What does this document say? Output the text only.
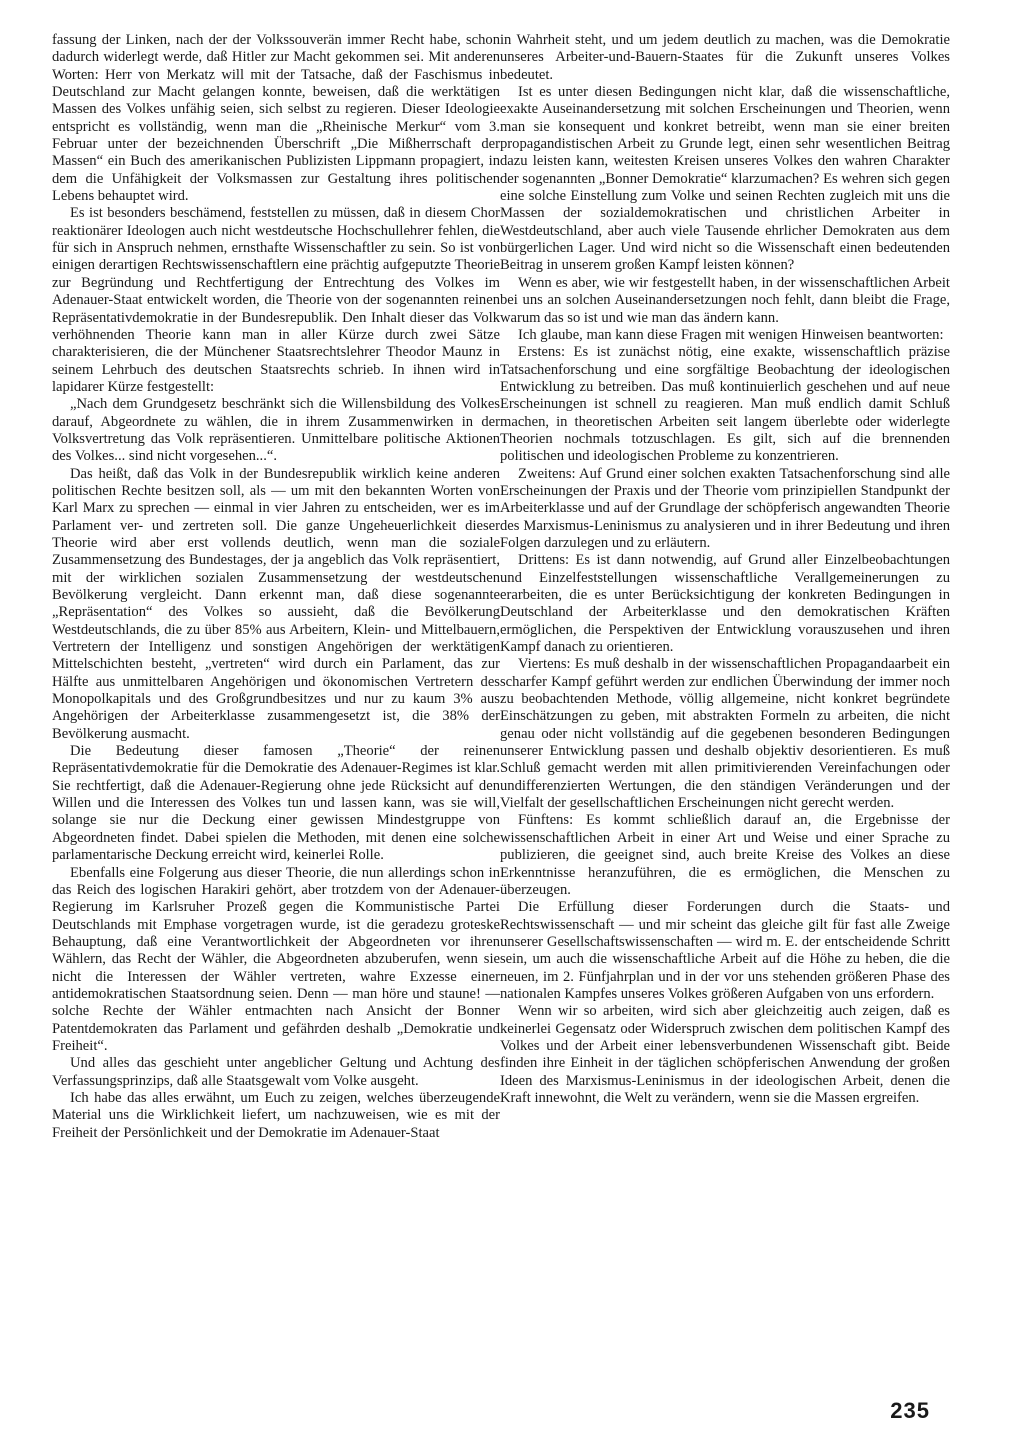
fassung der Linken, nach der der Volkssouverän immer Recht habe, schon dadurch widerlegt werde, daß Hitler zur Macht gekommen sei. Mit anderen Worten: Herr von Merkatz will mit der Tatsache, daß der Faschismus in Deutschland zur Macht gelangen konnte, beweisen, daß die werktätigen Massen des Volkes unfähig seien, sich selbst zu regieren. Dieser Ideologie entspricht es vollständig, wenn man die „Rheinische Merkur“ vom 3. Februar unter der bezeichnenden Überschrift „Die Mißherrschaft der Massen“ ein Buch des amerikanischen Publizisten Lippmann propagiert, in dem die Unfähigkeit der Volksmassen zur Gestaltung ihres politischen Lebens behauptet wird.

Es ist besonders beschämend, feststellen zu müssen, daß in diesem Chor reaktionärer Ideologen auch nicht westdeutsche Hochschullehrer fehlen, die für sich in Anspruch nehmen, ernsthafte Wissenschaftler zu sein. So ist von einigen derartigen Rechtswissenschaftlern eine prächtig aufgeputzte Theorie zur Begründung und Rechtfertigung der Entrechtung des Volkes im Adenauer-Staat entwickelt worden, die Theorie von der sogenannten reinen Repräsentativdemokratie in der Bundesrepublik. Den Inhalt dieser das Volk verhöhnenden Theorie kann man in aller Kürze durch zwei Sätze charakterisieren, die der Münchener Staatsrechtslehrer Theodor Maunz in seinem Lehrbuch des deutschen Staatsrechts schrieb. In ihnen wird in lapidarer Kürze festgestellt:

„Nach dem Grundgesetz beschränkt sich die Willensbildung des Volkes darauf, Abgeordnete zu wählen, die in ihrem Zusammenwirken in der Volksvertretung das Volk repräsentieren. Unmittelbare politische Aktionen des Volkes... sind nicht vorgesehen...“.

Das heißt, daß das Volk in der Bundesrepublik wirklich keine anderen politischen Rechte besitzen soll, als — um mit den bekannten Worten von Karl Marx zu sprechen — einmal in vier Jahren zu entscheiden, wer es im Parlament ver- und zertreten soll. Die ganze Ungeheuerlichkeit dieser Theorie wird aber erst vollends deutlich, wenn man die soziale Zusammensetzung des Bundestages, der ja angeblich das Volk repräsentiert, mit der wirklichen sozialen Zusammensetzung der westdeutschen Bevölkerung vergleicht. Dann erkennt man, daß diese sogenannte „Repräsentation“ des Volkes so aussieht, daß die Bevölkerung Westdeutschlands, die zu über 85% aus Arbeitern, Klein- und Mittelbauern, Vertretern der Intelligenz und sonstigen Angehörigen der werktätigen Mittelschichten besteht, „vertreten“ wird durch ein Parlament, das zur Hälfte aus unmittelbaren Angehörigen und ökonomischen Vertretern des Monopolkapitals und des Großgrundbesitzes und nur zu kaum 3% aus Angehörigen der Arbeiterklasse zusammengesetzt ist, die 38% der Bevölkerung ausmacht.

Die Bedeutung dieser famosen „Theorie“ der reinen Repräsentativdemokratie für die Demokratie des Adenauer-Regimes ist klar. Sie rechtfertigt, daß die Adenauer-Regierung ohne jede Rücksicht auf den Willen und die Interessen des Volkes tun und lassen kann, was sie will, solange sie nur die Deckung einer gewissen Mindestgruppe von Abgeordneten findet. Dabei spielen die Methoden, mit denen eine solche parlamentarische Deckung erreicht wird, keinerlei Rolle.

Ebenfalls eine Folgerung aus dieser Theorie, die nun allerdings schon in das Reich des logischen Harakiri gehört, aber trotzdem von der Adenauer-Regierung im Karlsruher Prozeß gegen die Kommunistische Partei Deutschlands mit Emphase vorgetragen wurde, ist die geradezu groteske Behauptung, daß eine Verantwortlichkeit der Abgeordneten vor ihren Wählern, das Recht der Wähler, die Abgeordneten abzuberufen, wenn sie nicht die Interessen der Wähler vertreten, wahre Exzesse einer antidemokratischen Staatsordnung seien. Denn — man höre und staune! — solche Rechte der Wähler entmachten nach Ansicht der Bonner Patentdemokraten das Parlament und gefährden deshalb „Demokratie und Freiheit“.

Und alles das geschieht unter angeblicher Geltung und Achtung des Verfassungsprinzips, daß alle Staatsgewalt vom Volke ausgeht.

Ich habe das alles erwähnt, um Euch zu zeigen, welches überzeugende Material uns die Wirklichkeit liefert, um nachzuweisen, wie es mit der Freiheit der Persönlichkeit und der Demokratie im Adenauer-Staat

in Wahrheit steht, und um jedem deutlich zu machen, was die Demokratie unseres Arbeiter-und-Bauern-Staates für die Zukunft unseres Volkes bedeutet.

Ist es unter diesen Bedingungen nicht klar, daß die wissenschaftliche, exakte Auseinandersetzung mit solchen Erscheinungen und Theorien, wenn man sie konsequent und konkret betreibt, wenn man sie einer breiten propagandistischen Arbeit zu Grunde legt, einen sehr wesentlichen Beitrag dazu leisten kann, weitesten Kreisen unseres Volkes den wahren Charakter der sogenannten „Bonner Demokratie“ klarzumachen? Es wehren sich gegen eine solche Einstellung zum Volke und seinen Rechten zugleich mit uns die Massen der sozialdemokratischen und christlichen Arbeiter in Westdeutschland, aber auch viele Tausende ehrlicher Demokraten aus dem bürgerlichen Lager. Und wird nicht so die Wissenschaft einen bedeutenden Beitrag in unserem großen Kampf leisten können?

Wenn es aber, wie wir festgestellt haben, in der wissenschaftlichen Arbeit bei uns an solchen Auseinandersetzungen noch fehlt, dann bleibt die Frage, warum das so ist und wie man das ändern kann.

Ich glaube, man kann diese Fragen mit wenigen Hinweisen beantworten:

Erstens: Es ist zunächst nötig, eine exakte, wissenschaftlich präzise Tatsachenforschung und eine sorgfältige Beobachtung der ideologischen Entwicklung zu betreiben. Das muß kontinuierlich geschehen und auf neue Erscheinungen ist schnell zu reagieren. Man muß endlich damit Schluß machen, in theoretischen Arbeiten seit langem überlebte oder widerlegte Theorien nochmals totzuschlagen. Es gilt, sich auf die brennenden politischen und ideologischen Probleme zu konzentrieren.

Zweitens: Auf Grund einer solchen exakten Tatsachenforschung sind alle Erscheinungen der Praxis und der Theorie vom prinzipiellen Standpunkt der Arbeiterklasse und auf der Grundlage der schöpferisch angewandten Theorie des Marxismus-Leninismus zu analysieren und in ihrer Bedeutung und ihren Folgen darzulegen und zu erläutern.

Drittens: Es ist dann notwendig, auf Grund aller Einzelbeobachtungen und Einzelfeststellungen wissenschaftliche Verallgemeinerungen zu erarbeiten, die es unter Berücksichtigung der konkreten Bedingungen in Deutschland der Arbeiterklasse und den demokratischen Kräften ermöglichen, die Perspektiven der Entwicklung vorauszusehen und ihren Kampf danach zu orientieren.

Viertens: Es muß deshalb in der wissenschaftlichen Propagandaarbeit ein scharfer Kampf geführt werden zur endlichen Überwindung der immer noch zu beobachtenden Methode, völlig allgemeine, nicht konkret begründete Einschätzungen zu geben, mit abstrakten Formeln zu arbeiten, die nicht genau oder nicht vollständig auf die gegebenen besonderen Bedingungen unserer Entwicklung passen und deshalb objektiv desorientieren. Es muß Schluß gemacht werden mit allen primitivierenden Vereinfachungen oder undifferenzierten Wertungen, die den ständigen Veränderungen und der Vielfalt der gesellschaftlichen Erscheinungen nicht gerecht werden.

Fünftens: Es kommt schließlich darauf an, die Ergebnisse der wissenschaftlichen Arbeit in einer Art und Weise und einer Sprache zu publizieren, die geeignet sind, auch breite Kreise des Volkes an diese Erkenntnisse heranzuführen, die es ermöglichen, die Menschen zu überzeugen.

Die Erfüllung dieser Forderungen durch die Staats- und Rechtswissenschaft — und mir scheint das gleiche gilt für fast alle Zweige unserer Gesellschaftswissenschaften — wird m. E. der entscheidende Schritt sein, um auch die wissenschaftliche Arbeit auf die Höhe zu heben, die die neuen, im 2. Fünfjahrplan und in der vor uns stehenden größeren Phase des nationalen Kampfes unseres Volkes größeren Aufgaben von uns erfordern.

Wenn wir so arbeiten, wird sich aber gleichzeitig auch zeigen, daß es keinerlei Gegensatz oder Widerspruch zwischen dem politischen Kampf des Volkes und der Arbeit einer lebensverbundenen Wissenschaft gibt. Beide finden ihre Einheit in der täglichen schöpferischen Anwendung der großen Ideen des Marxismus-Leninismus in der ideologischen Arbeit, denen die Kraft innewohnt, die Welt zu verändern, wenn sie die Massen ergreifen.

235
